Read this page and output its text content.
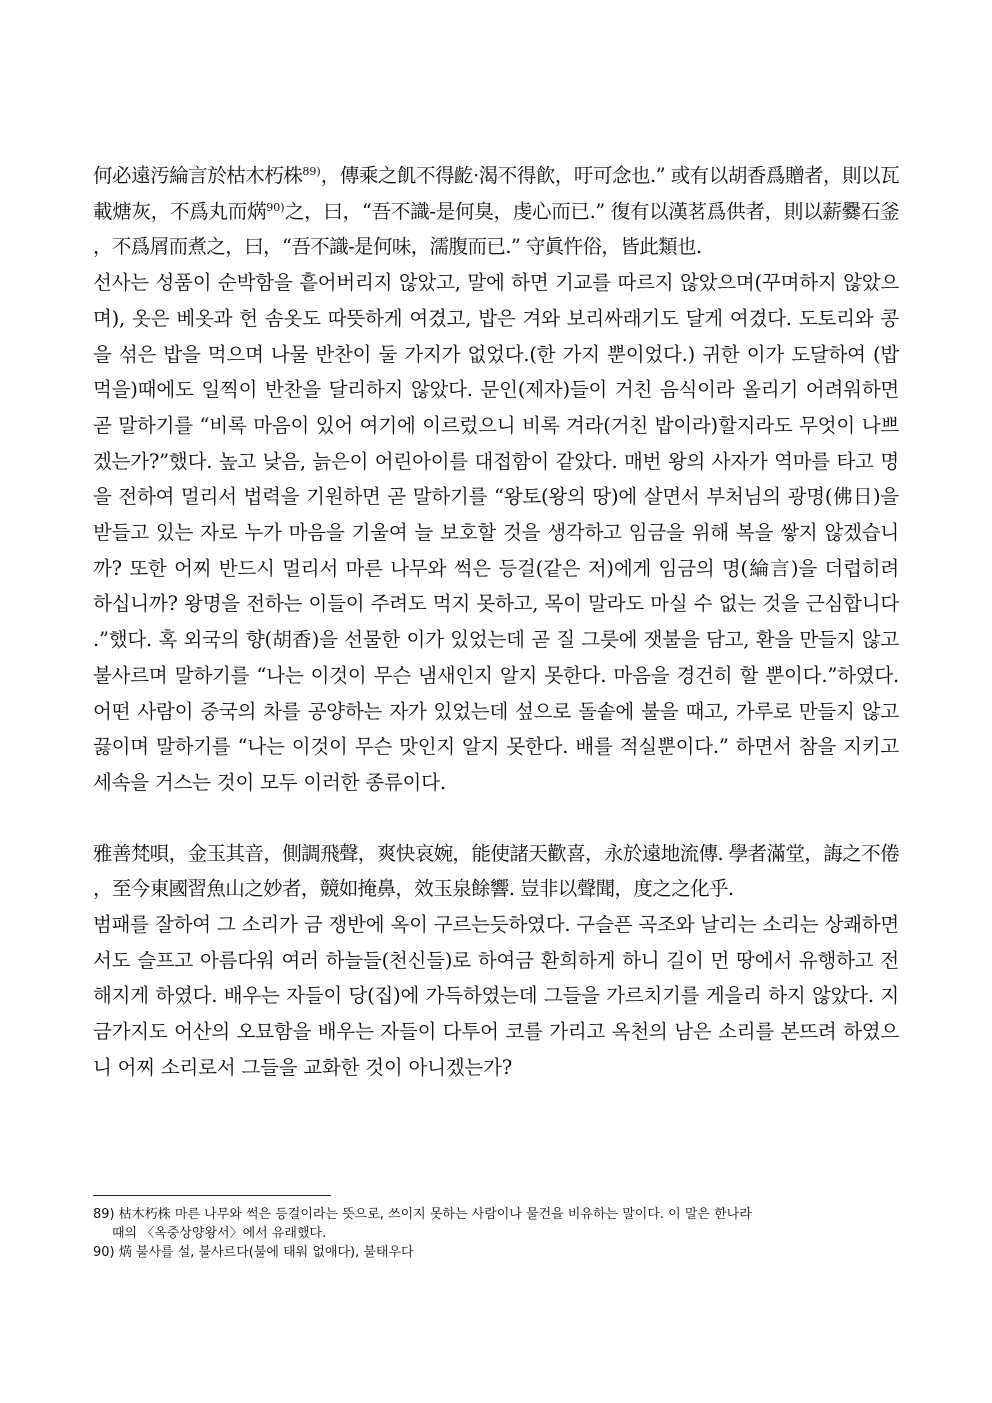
何必遠汚綸言於枯木朽株$^{89)}$，傳乘之飢不得齕·渴不得飮，吁可念也.” 或有以胡香爲贈者，則以瓦載煻灰，不爲丸而焫$^{90)}$之，曰，“吾不識-是何臭，虔心而已.” 復有以漢茗爲供者，則以薪爨石釜，不爲屑而煮之，曰，“吾不識-是何味，濡腹而已.” 守眞忤俗，皆此類也.

선사는 성품이 순박함을 흩어버리지 않았고, 말에 하면 기교를 따르지 않았으며(꾸며하지 않았으며), 옷은 베옷과 헌 솜옷도 따뜻하게 여겼고, 밥은 겨와 보리싸래기도 달게 여겼다. 도토리와 콩을 섞은 밥을 먹으며 나물 반찬이 둘 가지가 없었다.(한 가지 뿐이었다.) 귀한 이가 도달하여 (밥 먹을)때에도 일찍이 반찬을 달리하지 않았다. 문인(제자)들이 거친 음식이라 올리기 어려워하면 곧 말하기를 “비록 마음이 있어 여기에 이르렀으니 비록 겨라(거친 밥이라)할지라도 무엇이 나쁘겠는가?”했다. 높고 낮음, 늙은이 어린아이를 대접함이 같았다. 매번 왕의 사자가 역마를 타고 명을 전하여 멀리서 법력을 기원하면 곧 말하기를 “왕토(왕의 땅)에 살면서 부처님의 광명(佛日)을 받들고 있는 자로 누가 마음을 기울여 늘 보호할 것을 생각하고 임금을 위해 복을 쌓지 않겠습니까? 또한 어찌 반드시 멀리서 마른 나무와 썩은 등걸(같은 저)에게 임금의 명(綸言)을 더럽히려 하십니까? 왕명을 전하는 이들이 주려도 먹지 못하고, 목이 말라도 마실 수 없는 것을 근심합니다.”했다. 혹 외국의 향(胡香)을 선물한 이가 있었는데 곧 질 그릇에 잿불을 담고, 환을 만들지 않고 불사르며 말하기를 “나는 이것이 무슨 냄새인지 알지 못한다. 마음을 경건히 할 뿐이다.”하였다. 어떤 사람이 중국의 차를 공양하는 자가 있었는데 섶으로 돌솥에 불을 때고, 가루로 만들지 않고 끓이며 말하기를 “나는 이것이 무슨 맛인지 알지 못한다. 배를 적실뿐이다.” 하면서 참을 지키고 세속을 거스는 것이 모두 이러한 종류이다.

雅善梵唄，金玉其音，側調飛聲，爽快哀婉，能使諸天歡喜，永於遠地流傳. 學者滿堂，誨之不倦，至今東國習魚山之妙者，競如掩鼻，效玉泉餘響. 豈非以聲聞，度之之化乎.

범패를 잘하여 그 소리가 금 쟁반에 옥이 구르는듯하였다. 구슬픈 곡조와 날리는 소리는 상쾌하면서도 슬프고 아름다워 여러 하늘들(천신들)로 하여금 환희하게 하니 길이 먼 땅에서 유행하고 전해지게 하였다. 배우는 자들이 당(집)에 가득하였는데 그들을 가르치기를 게을리 하지 않았다. 지금가지도 어산의 오묘함을 배우는 자들이 다투어 코를 가리고 옥천의 남은 소리를 본뜨려 하였으니 어찌 소리로서 그들을 교화한 것이 아니겠는가?

89) 枯木朽株 마른 나무와 썩은 등걸이라는 뜻으로, 쓰이지 못하는 사람이나 물건을 비유하는 말이다. 이 말은 한나라

때의 〈옥중상양왕서〉에서 유래했다.

90) 焫 불사를 설, 불사르다(불에 태워 없애다), 불태우다
